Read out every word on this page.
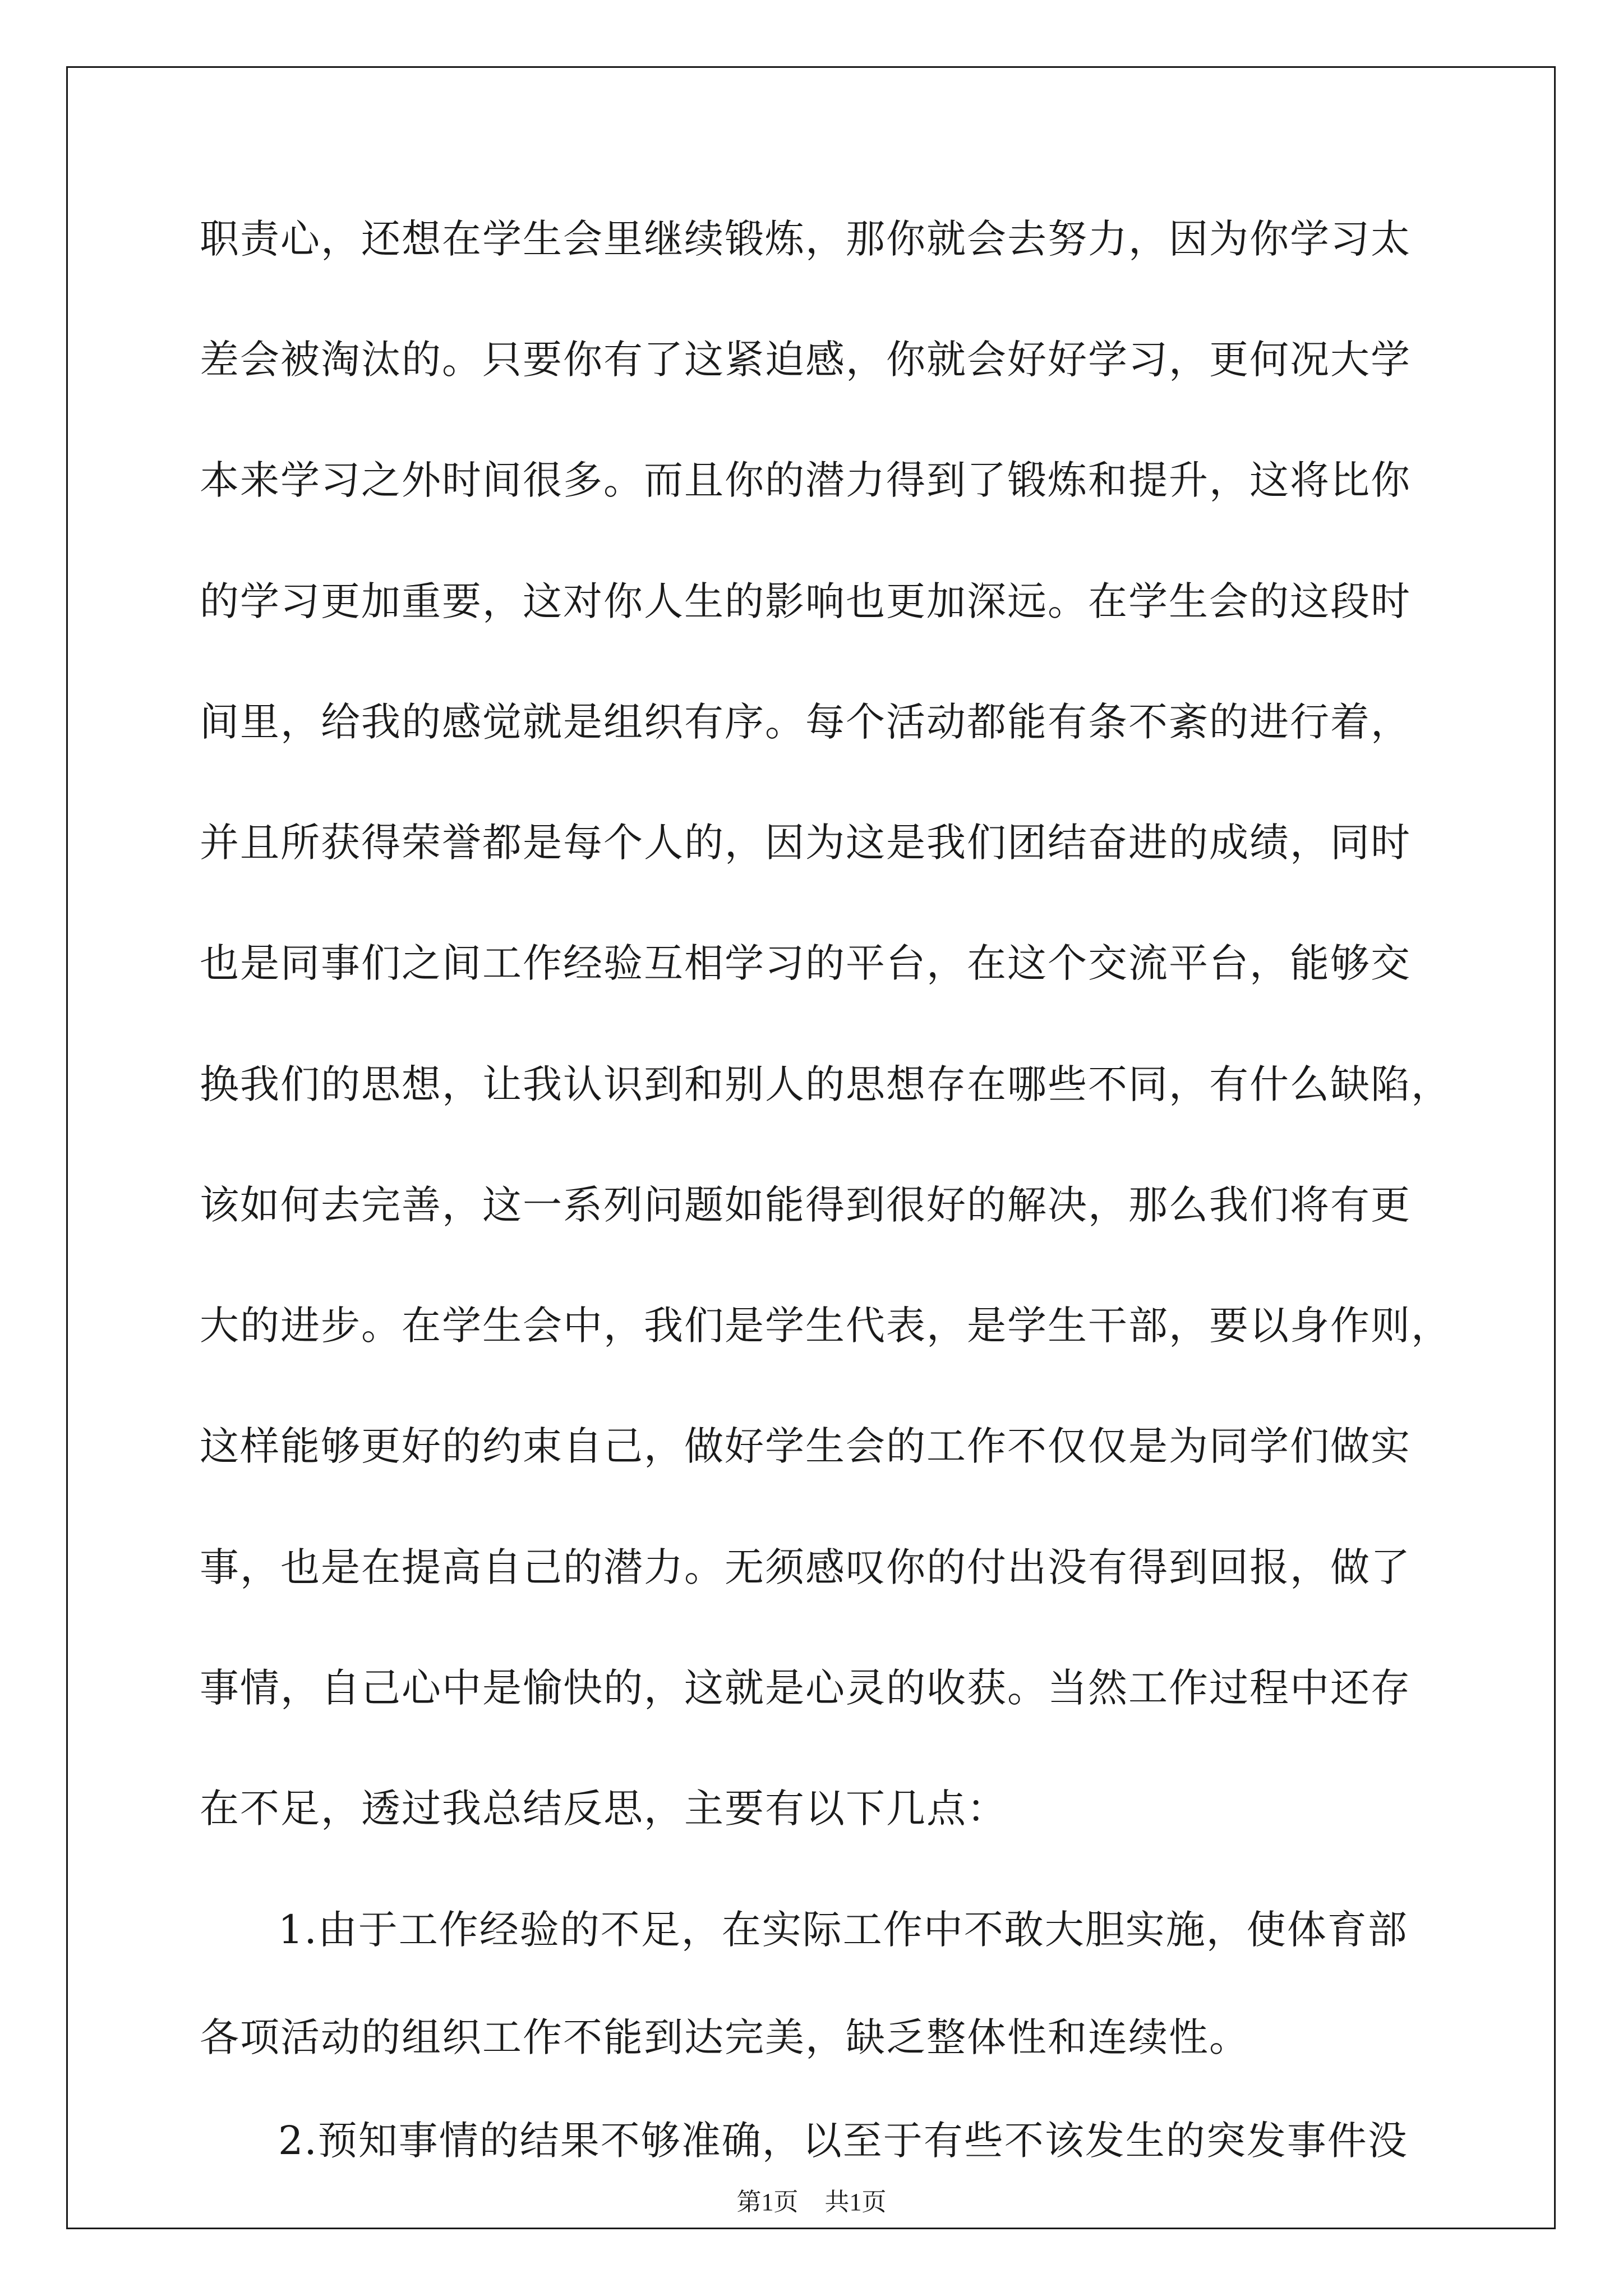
职责心，还想在学生会里继续锻炼，那你就会去努力，因为你学习太
差会被淘汰的。只要你有了这紧迫感，你就会好好学习，更何况大学
本来学习之外时间很多。而且你的潜力得到了锻炼和提升，这将比你
的学习更加重要，这对你人生的影响也更加深远。在学生会的这段时
间里，给我的感觉就是组织有序。每个活动都能有条不紊的进行着，
并且所获得荣誉都是每个人的，因为这是我们团结奋进的成绩，同时
也是同事们之间工作经验互相学习的平台，在这个交流平台，能够交
换我们的思想，让我认识到和别人的思想存在哪些不同，有什么缺陷，
该如何去完善，这一系列问题如能得到很好的解决，那么我们将有更
大的进步。在学生会中，我们是学生代表，是学生干部，要以身作则，
这样能够更好的约束自己，做好学生会的工作不仅仅是为同学们做实
事，也是在提高自己的潜力。无须感叹你的付出没有得到回报，做了
事情，自己心中是愉快的，这就是心灵的收获。当然工作过程中还存
在不足，透过我总结反思，主要有以下几点：
1.由于工作经验的不足，在实际工作中不敢大胆实施，使体育部
各项活动的组织工作不能到达完美，缺乏整体性和连续性。
2.预知事情的结果不够准确，以至于有些不该发生的突发事件没
第1页 共1页
